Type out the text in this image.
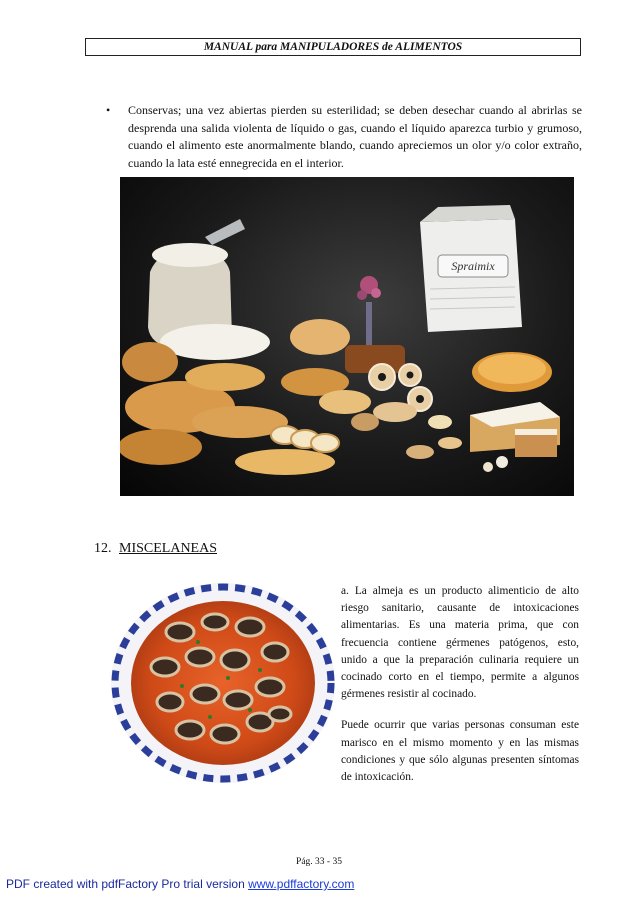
MANUAL para MANIPULADORES de ALIMENTOS
• Conservas; una vez abiertas pierden su esterilidad; se deben desechar cuando al abrirlas se desprenda una salida violenta de líquido o gas, cuando el líquido aparezca turbio y grumoso, cuando el alimento este anormalmente blando, cuando apreciemos un olor y/o color extraño, cuando la lata esté ennegrecida en el interior.
Spraimix
12. MISCELANEAS

a. La almeja es un producto alimenticio de alto riesgo sanitario, causante de intoxicaciones alimentarias. Es una materia prima, que con frecuencia contiene gérmenes patógenos, esto, unido a que la preparación culinaria requiere un cocinado corto en el tiempo, permite a algunos gérmenes resistir al cocinado.

Puede ocurrir que varias personas consuman este marisco en el mismo momento y en las mismas condiciones y que sólo algunas presenten síntomas de intoxicación.

Pág. 33 - 35
PDF created with pdfFactory Pro trial version www.pdffactory.com
